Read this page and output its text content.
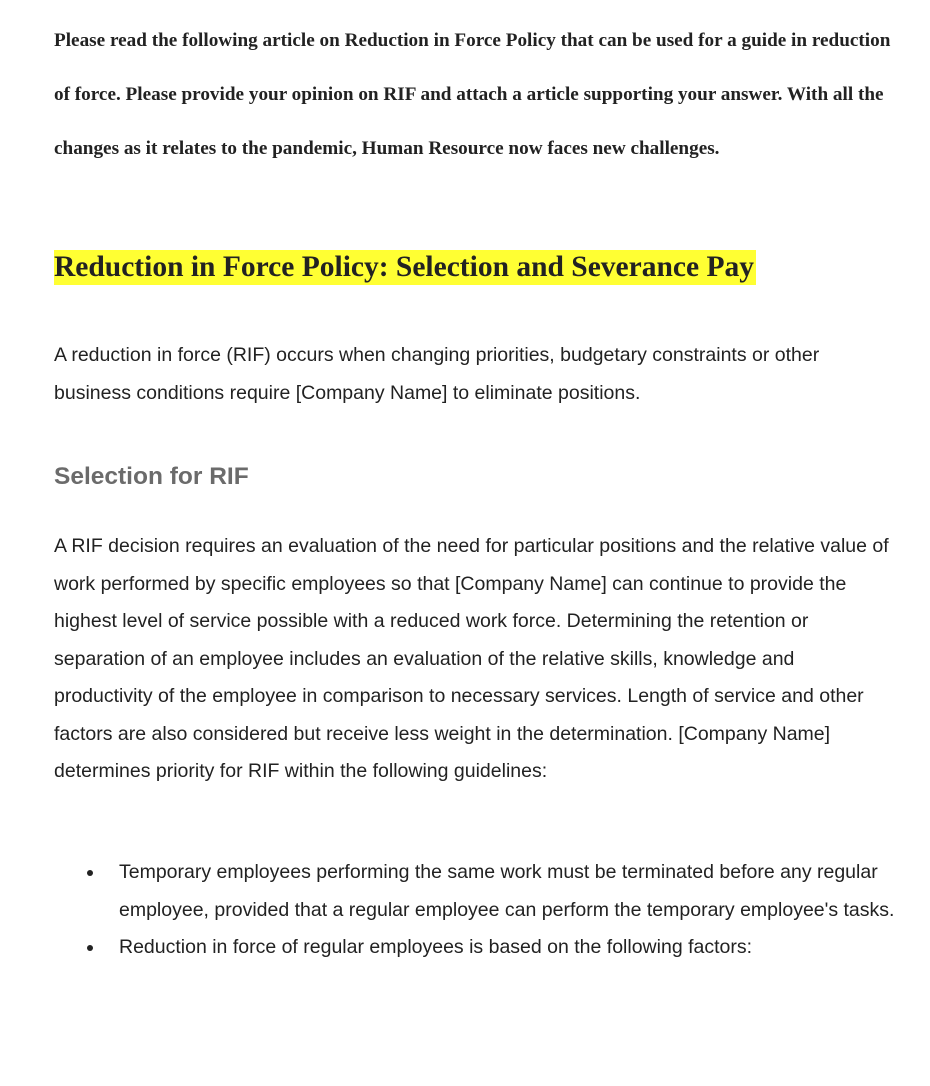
Please read the following article on Reduction in Force Policy that can be used for a guide in reduction of force. Please provide your opinion on RIF and attach a article supporting your answer. With all the changes as it relates to the pandemic, Human Resource now faces new challenges.

Reduction in Force Policy: Selection and Severance Pay

A reduction in force (RIF) occurs when changing priorities, budgetary constraints or other business conditions require [Company Name] to eliminate positions.

Selection for RIF

A RIF decision requires an evaluation of the need for particular positions and the relative value of work performed by specific employees so that [Company Name] can continue to provide the highest level of service possible with a reduced work force. Determining the retention or separation of an employee includes an evaluation of the relative skills, knowledge and productivity of the employee in comparison to necessary services. Length of service and other factors are also considered but receive less weight in the determination. [Company Name] determines priority for RIF within the following guidelines:

Temporary employees performing the same work must be terminated before any regular employee, provided that a regular employee can perform the temporary employee's tasks.
Reduction in force of regular employees is based on the following factors:
